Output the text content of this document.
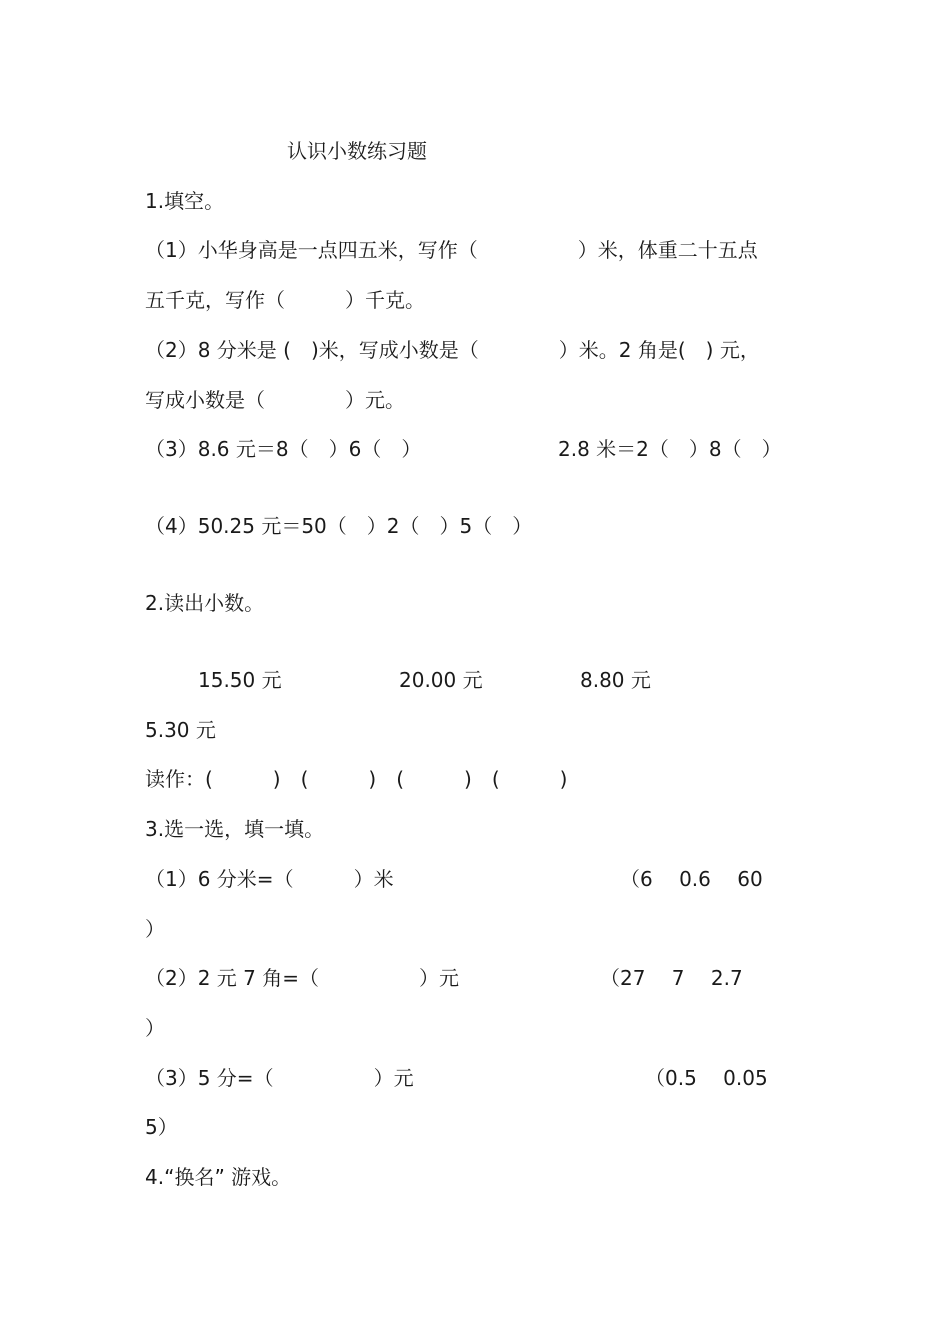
认识小数练习题
1.填空。
（1）小华身高是一点四五米，写作（　　　　　）米，体重二十五点
五千克，写作（　　　）千克。
（2）8 分米是 (　)米，写成小数是（　　　　）米。2 角是(　) 元，
写成小数是（　　　　）元。
（3）8.6 元＝8（　）6（　）	2.8 米＝2（　）8（　）
（4）50.25 元＝50（　）2（　）5（　）
2.读出小数。
15.50 元	20.00 元	8.80 元
5.30 元
读作：(　　　)　(　　　)　(　　　)　(　　　)
3.选一选，填一填。
（1）6 分米=（　　　）米	（6　 0.6　 60
）
（2）2 元 7 角=（　　　　　）元	（27　 7　 2.7
）
（3）5 分=（　　　　　）元	（0.5　 0.05
5）
4.“换名” 游戏。
